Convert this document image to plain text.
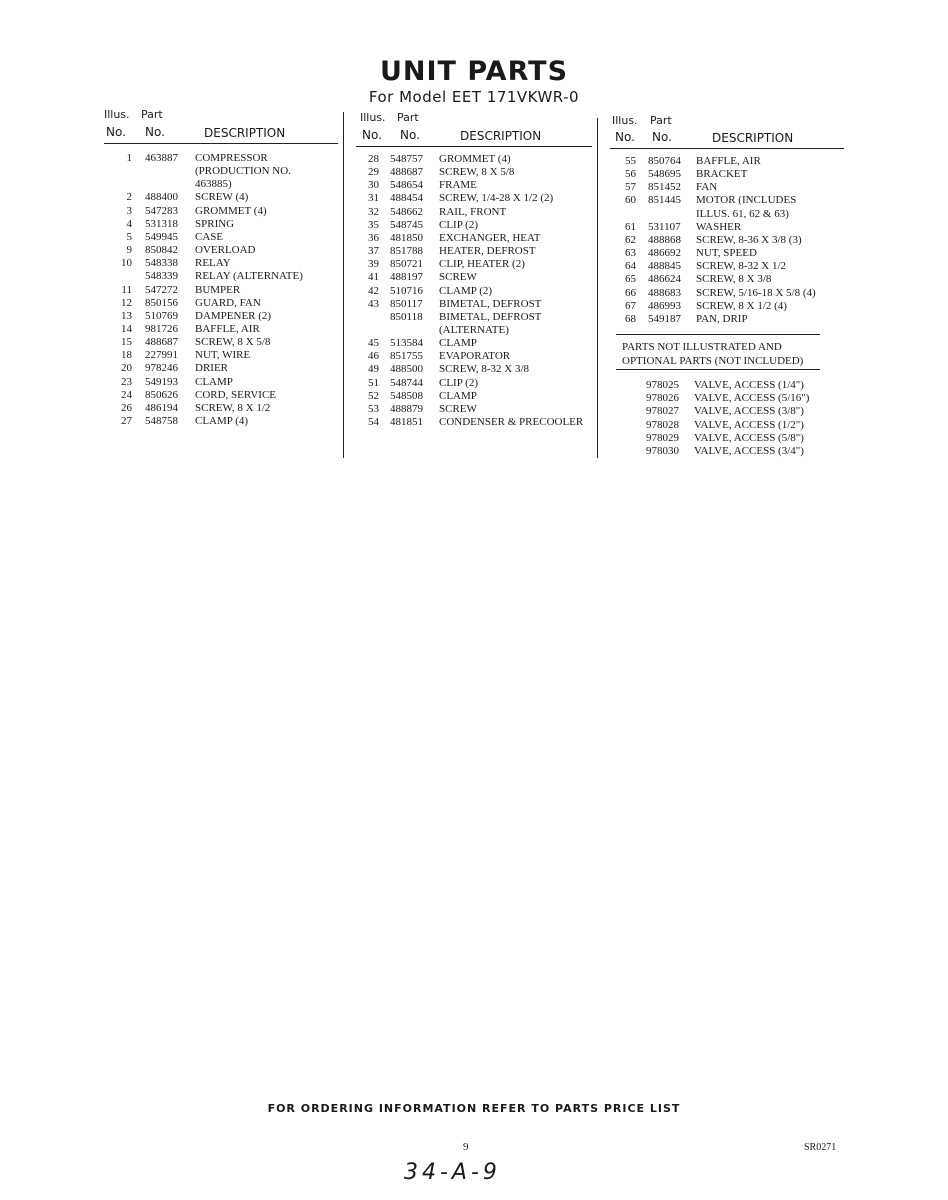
UNIT PARTS
For Model EET 171VKWR-0
Illus. Part
No. No.	DESCRIPTION
Illus. Part
No. No.	DESCRIPTION
Illus. Part
No. No.	DESCRIPTION
1 463887 COMPRESSOR
(PRODUCTION NO.
463885)
2 488400 SCREW (4)
3 547283 GROMMET (4)
4 531318 SPRING
5 549945 CASE
9 850842 OVERLOAD
10 548338 RELAY
548339 RELAY (ALTERNATE)
11 547272 BUMPER
12 850156 GUARD, FAN
13 510769 DAMPENER (2)
14 981726 BAFFLE, AIR
15 488687 SCREW, 8 X 5/8
18 227991 NUT, WIRE
20 978246 DRIER
23 549193 CLAMP
24 850626 CORD, SERVICE
26 486194 SCREW, 8 X 1/2
27 548758 CLAMP (4)
28 548757 GROMMET (4)
29 488687 SCREW, 8 X 5/8
30 548654 FRAME
31 488454 SCREW, 1/4-28 X 1/2 (2)
32 548662 RAIL, FRONT
35 548745 CLIP (2)
36 481850 EXCHANGER, HEAT
37 851788 HEATER, DEFROST
39 850721 CLIP, HEATER (2)
41 488197 SCREW
42 510716 CLAMP (2)
43 850117 BIMETAL, DEFROST
850118 BIMETAL, DEFROST
(ALTERNATE)
45 513584 CLAMP
46 851755 EVAPORATOR
49 488500 SCREW, 8-32 X 3/8
51 548744 CLIP (2)
52 548508 CLAMP
53 488879 SCREW
54 481851 CONDENSER & PRECOOLER
55 850764 BAFFLE, AIR
56 548695 BRACKET
57 851452 FAN
60 851445 MOTOR (INCLUDES
ILLUS. 61, 62 & 63)
61 531107 WASHER
62 488868 SCREW, 8-36 X 3/8 (3)
63 486692 NUT, SPEED
64 488845 SCREW, 8-32 X 1/2
65 486624 SCREW, 8 X 3/8
66 488683 SCREW, 5/16-18 X 5/8 (4)
67 486993 SCREW, 8 X 1/2 (4)
68 549187 PAN, DRIP
PARTS NOT ILLUSTRATED AND
OPTIONAL PARTS (NOT INCLUDED)
978025 VALVE, ACCESS (1/4")
978026 VALVE, ACCESS (5/16")
978027 VALVE, ACCESS (3/8")
978028 VALVE, ACCESS (1/2")
978029 VALVE, ACCESS (5/8")
978030 VALVE, ACCESS (3/4")
FOR ORDERING INFORMATION REFER TO PARTS PRICE LIST
9	SR0271
34-A-9
